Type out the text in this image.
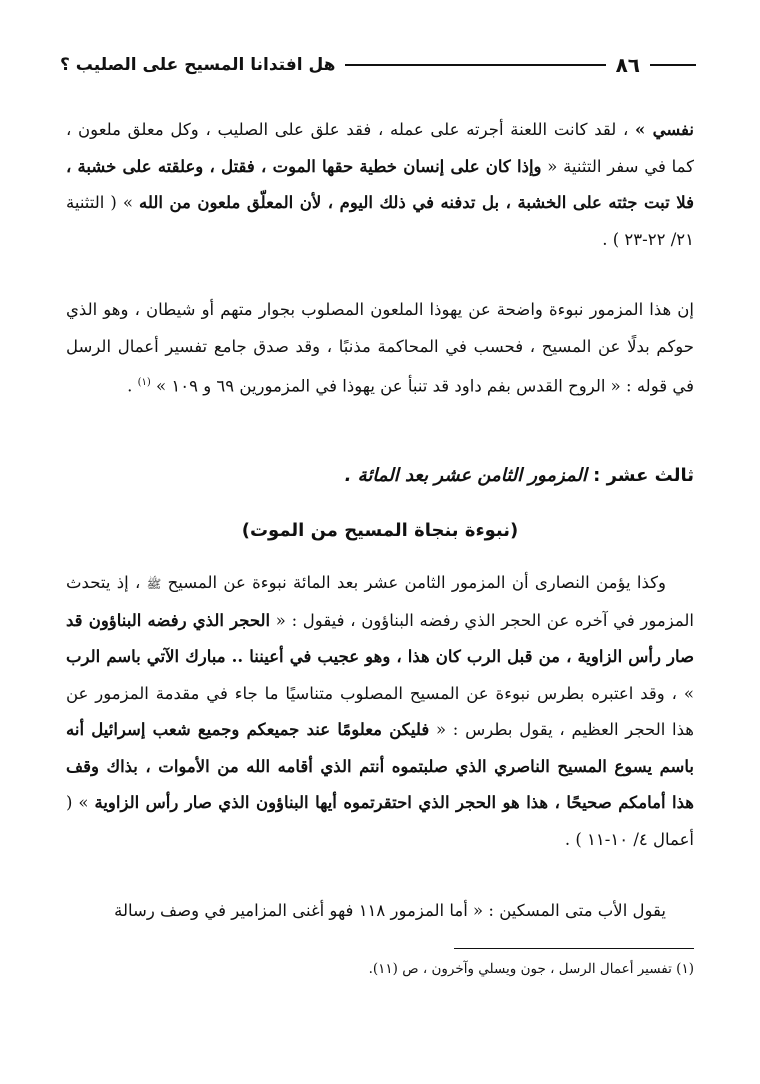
٨٦
هل افتدانا المسيح على الصليب ؟

نفسي » ، لقد كانت اللعنة أجرته على عمله ، فقد علق على الصليب ، وكل معلق ملعون ، كما في سفر التثنية « وإذا كان على إنسان خطية حقها الموت ، فقتل ، وعلقته على خشبة ، فلا تبت جثته على الخشبة ، بل تدفنه في ذلك اليوم ، لأن المعلّق ملعون من الله » ( التثنية ٢١/ ٢٢-٢٣ ) .

إن هذا المزمور نبوءة واضحة عن يهوذا الملعون المصلوب بجوار متهم أو شيطان ، وهو الذي حوكم بدلًا عن المسيح ، فحسب في المحاكمة مذنبًا ، وقد صدق جامع تفسير أعمال الرسل في قوله : « الروح القدس بفم داود قد تنبأ عن يهوذا في المزمورين ٦٩ و ١٠٩ » $^{(١)}$ .

ثالث عشر : المزمور الثامن عشر بعد المائة .

(نبوءة بنجاة المسيح من الموت)

وكذا يؤمن النصارى أن المزمور الثامن عشر بعد المائة نبوءة عن المسيح ﷺ ، إذ يتحدث المزمور في آخره عن الحجر الذي رفضه البناؤون ، فيقول : « الحجر الذي رفضه البناؤون قد صار رأس الزاوية ، من قبل الرب كان هذا ، وهو عجيب في أعيننا .. مبارك الآتي باسم الرب » ، وقد اعتبره بطرس نبوءة عن المسيح المصلوب متناسيًا ما جاء في مقدمة المزمور عن هذا الحجر العظيم ، يقول بطرس : « فليكن معلومًا عند جميعكم وجميع شعب إسرائيل أنه باسم يسوع المسيح الناصري الذي صلبتموه أنتم الذي أقامه الله من الأموات ، بذاك وقف هذا أمامكم صحيحًا ، هذا هو الحجر الذي احتقرتموه أيها البناؤون الذي صار رأس الزاوية » ( أعمال ٤/ ١٠-١١ ) .

يقول الأب متى المسكين : « أما المزمور ١١٨ فهو أغنى المزامير في وصف رسالة

(١) تفسير أعمال الرسل ، جون ويسلي وآخرون ، ص (١١).
